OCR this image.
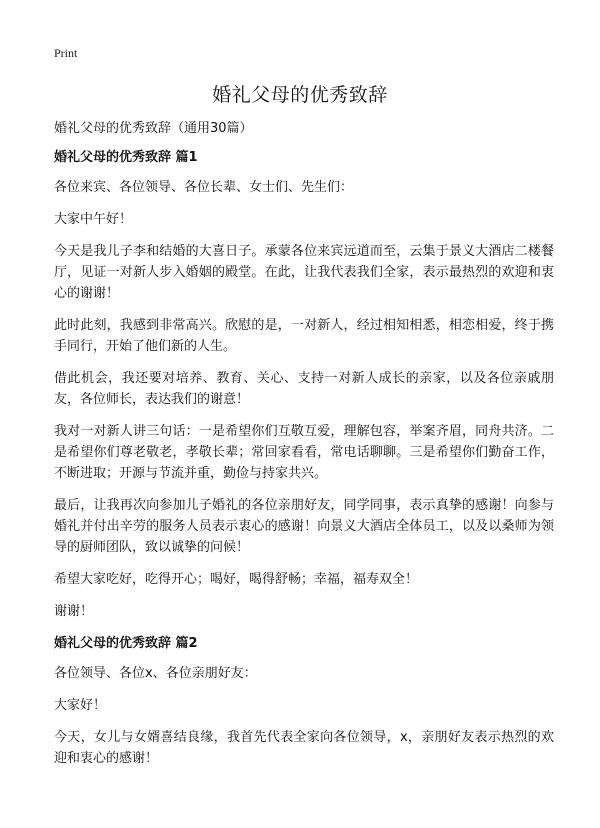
Print
婚礼父母的优秀致辞

婚礼父母的优秀致辞（通用30篇）

婚礼父母的优秀致辞 篇1

各位来宾、各位领导、各位长辈、女士们、先生们：

大家中午好！

今天是我儿子李和结婚的大喜日子。承蒙各位来宾远道而至，云集于景义大酒店二楼餐厅，见证一对新人步入婚姻的殿堂。在此，让我代表我们全家，表示最热烈的欢迎和衷心的谢谢！

此时此刻，我感到非常高兴。欣慰的是，一对新人，经过相知相悉，相恋相爱，终于携手同行，开始了他们新的人生。

借此机会，我还要对培养、教育、关心、支持一对新人成长的亲家，以及各位亲戚朋友，各位师长，表达我们的谢意！

我对一对新人讲三句话：一是希望你们互敬互爱，理解包容，举案齐眉，同舟共济。二是希望你们尊老敬老，孝敬长辈；常回家看看，常电话聊聊。三是希望你们勤奋工作，不断进取；开源与节流并重，勤俭与持家共兴。

最后，让我再次向参加儿子婚礼的各位亲朋好友，同学同事，表示真挚的感谢！向参与婚礼并付出辛劳的服务人员表示衷心的感谢！向景义大酒店全体员工，以及以桑师为领导的厨师团队，致以诚挚的问候！

希望大家吃好，吃得开心；喝好，喝得舒畅；幸福，福寿双全！

谢谢！

婚礼父母的优秀致辞 篇2

各位领导、各位x、各位亲朋好友：

大家好！

今天，女儿与女婿喜结良缘，我首先代表全家向各位领导，x，亲朋好友表示热烈的欢迎和衷心的感谢！
